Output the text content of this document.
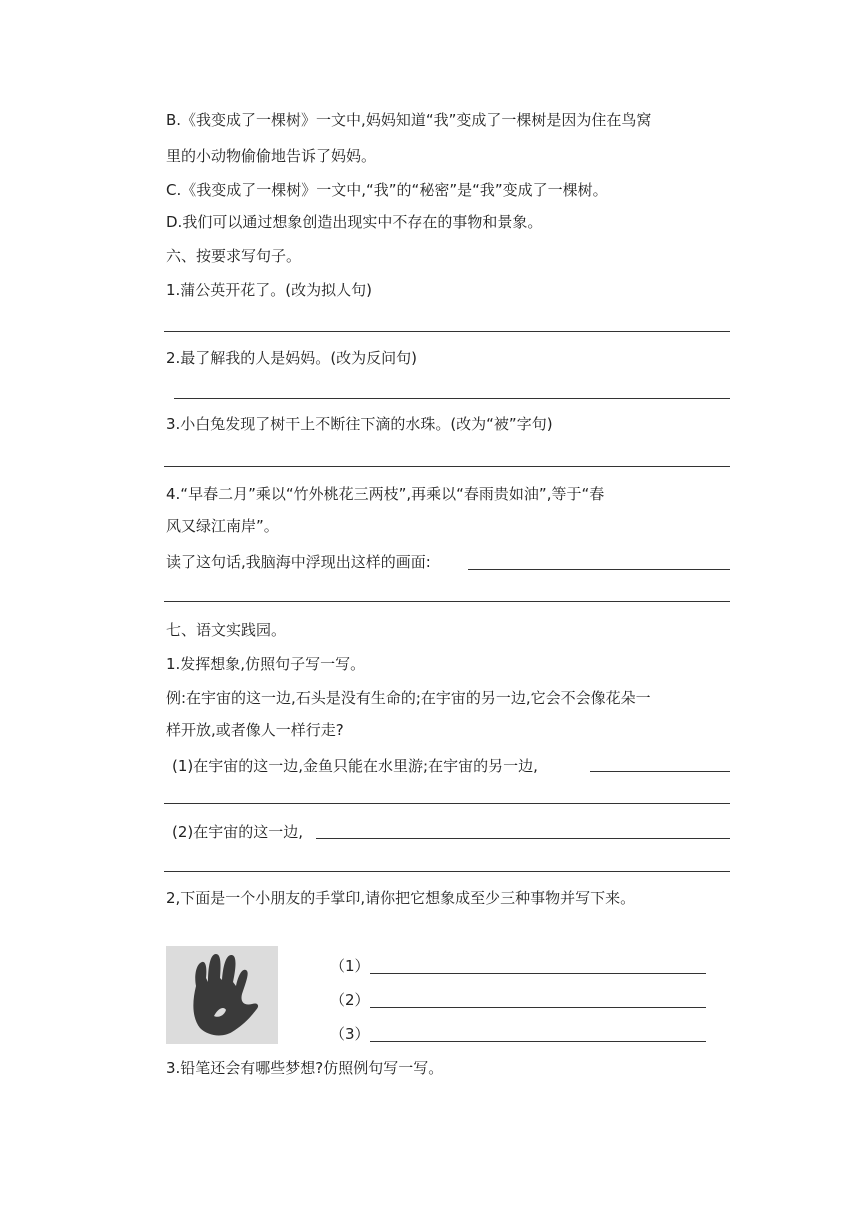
B.《我变成了一棵树》一文中,妈妈知道“我”变成了一棵树是因为住在鸟窝
里的小动物偷偷地告诉了妈妈。
C.《我变成了一棵树》一文中,“我”的“秘密”是“我”变成了一棵树。
D.我们可以通过想象创造出现实中不存在的事物和景象。
六、按要求写句子。
1.蒲公英开花了。(改为拟人句)
2.最了解我的人是妈妈。(改为反问句)
3.小白兔发现了树干上不断往下滴的水珠。(改为“被”字句)
4.“早春二月”乘以“竹外桃花三两枝”,再乘以“春雨贵如油”,等于“春
风又绿江南岸”。
读了这句话,我脑海中浮现出这样的画面:
七、语文实践园。
1.发挥想象,仿照句子写一写。
例:在宇宙的这一边,石头是没有生命的;在宇宙的另一边,它会不会像花朵一
样开放,或者像人一样行走?
(1)在宇宙的这一边,金鱼只能在水里游;在宇宙的另一边,
(2)在宇宙的这一边,
2,下面是一个小朋友的手掌印,请你把它想象成至少三种事物并写下来。
（1）
（2）
（3）
3.铅笔还会有哪些梦想?仿照例句写一写。
